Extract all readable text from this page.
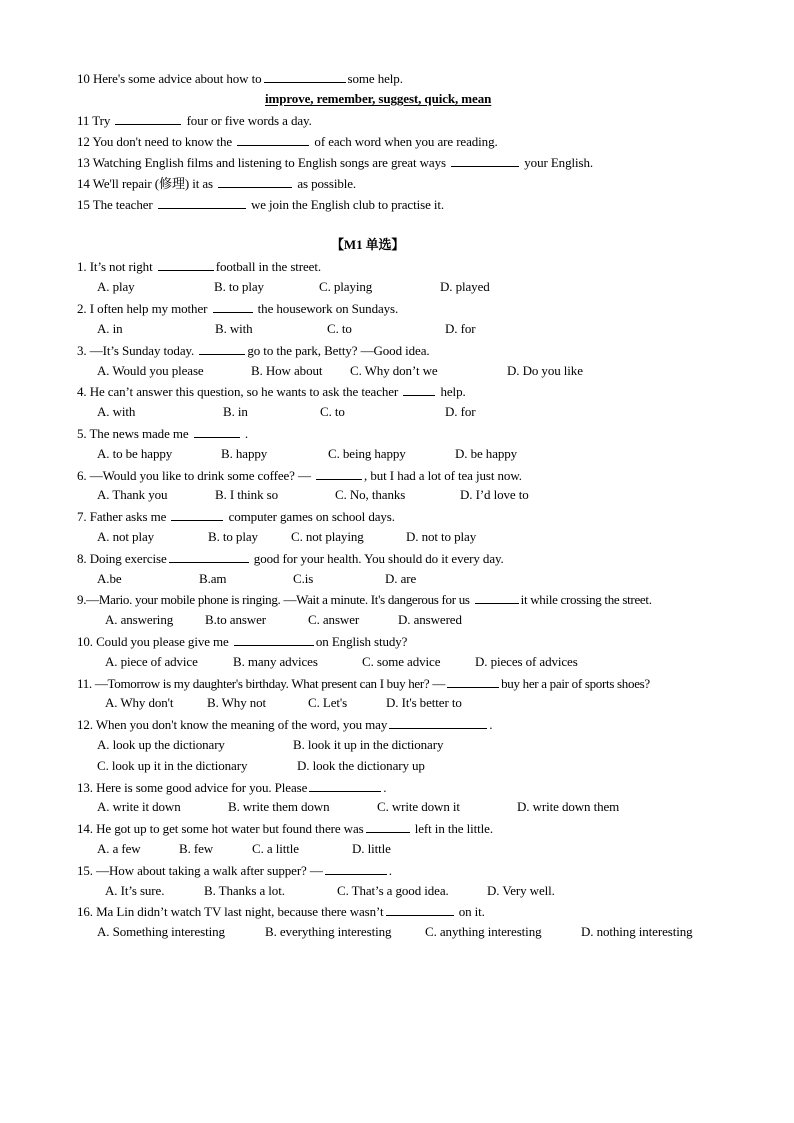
10 Here's some advice about how to	some help.
improve, remember, suggest, quick, mean
11 Try	four or five words a day.
12 You don't need to know the	of each word when you are reading.
13 Watching English films and listening to English songs are great ways	your English.
14 We'll repair (修理) it as	as possible.
15 The teacher	we join the English club to practise it.
【M1 单选】
1. It’s not right	football in the street.
A. play	B. to play	C. playing	D. played
2. I often help my mother	the housework on Sundays.
A. in	B. with	C. to	D. for
3. —It’s Sunday today.	go to the park, Betty? —Good idea.
A. Would you please	B. How about C. Why don’t we	D. Do you like
4. He can’t answer this question, so he wants to ask the teacher	help.
A. with	B. in	C. to	D. for
5. The news made me	.
A. to be happy	B. happy	C. being happy	D. be happy
6. —Would you like to drink some coffee? —	, but I had a lot of tea just now.
A. Thank you	B. I think so	C. No, thanks	D. I’d love to
7. Father asks me	computer games on school days.
A. not play	B. to play	C. not playing	D. not to play
8. Doing exercise	good for your health. You should do it every day.
A.be	B.am	C.is	D. are
9.—Mario. your mobile phone is ringing. —Wait a minute. It's dangerous for us	it while crossing the street.
A. answering B.to answer	C. answer	D. answered
10. Could you please give me	on English study?
A. piece of advice	B. many advices	C. some advice	D. pieces of advices
11. —Tomorrow is my daughter's birthday. What present can I buy her? —	buy her a pair of sports shoes?
A. Why don't	B. Why not	C. Let's	D. It's better to
12. When you don't know the meaning of the word, you may	.
A. look up the dictionary	B. look it up in the dictionary
C. look up it in the dictionary	D. look the dictionary up
13. Here is some good advice for you. Please	.
A. write it down	B. write them down	C. write down it	D. write down them
14. He got up to get some hot water but found there was	left in the little.
A. a few	B. few	C. a little	D. little
15. —How about taking a walk after supper? —	.
A. It’s sure.	B. Thanks a lot.	C. That’s a good idea.	D. Very well.
16. Ma Lin didn’t watch TV last night, because there wasn’t	on it.
A. Something interesting	B. everything interesting	C. anything interesting	D. nothing interesting
